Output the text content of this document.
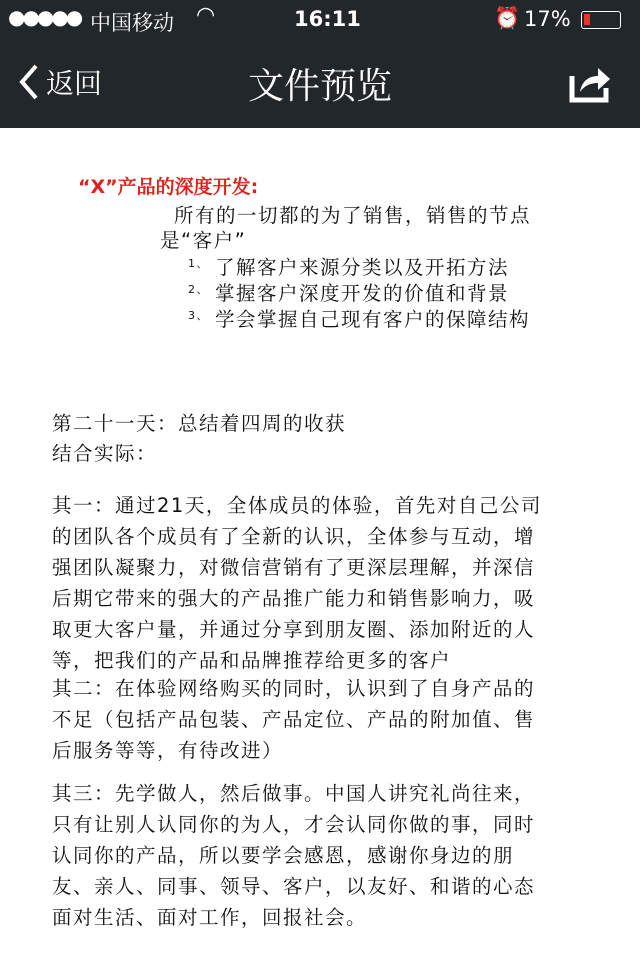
●●●●● 中国移动 ◠	16:11	⏰ 17%
返回	文件预览
“X”产品的深度开发:
所有的一切都的为了销售，销售的节点
是“客户”
$^{1、}$ 了解客户来源分类以及开拓方法
$^{2、}$ 掌握客户深度开发的价值和背景
$^{3、}$ 学会掌握自己现有客户的保障结构
第二十一天：总结着四周的收获
结合实际：
其一：通过21天，全体成员的体验，首先对自己公司
的团队各个成员有了全新的认识，全体参与互动，增
强团队凝聚力，对微信营销有了更深层理解，并深信
后期它带来的强大的产品推广能力和销售影响力，吸
取更大客户量，并通过分享到朋友圈、添加附近的人
等，把我们的产品和品牌推荐给更多的客户
其二：在体验网络购买的同时，认识到了自身产品的
不足（包括产品包装、产品定位、产品的附加值、售
后服务等等，有待改进）
其三：先学做人，然后做事。中国人讲究礼尚往来，
只有让别人认同你的为人，才会认同你做的事，同时
认同你的产品，所以要学会感恩，感谢你身边的朋
友、亲人、同事、领导、客户，以友好、和谐的心态
面对生活、面对工作，回报社会。
